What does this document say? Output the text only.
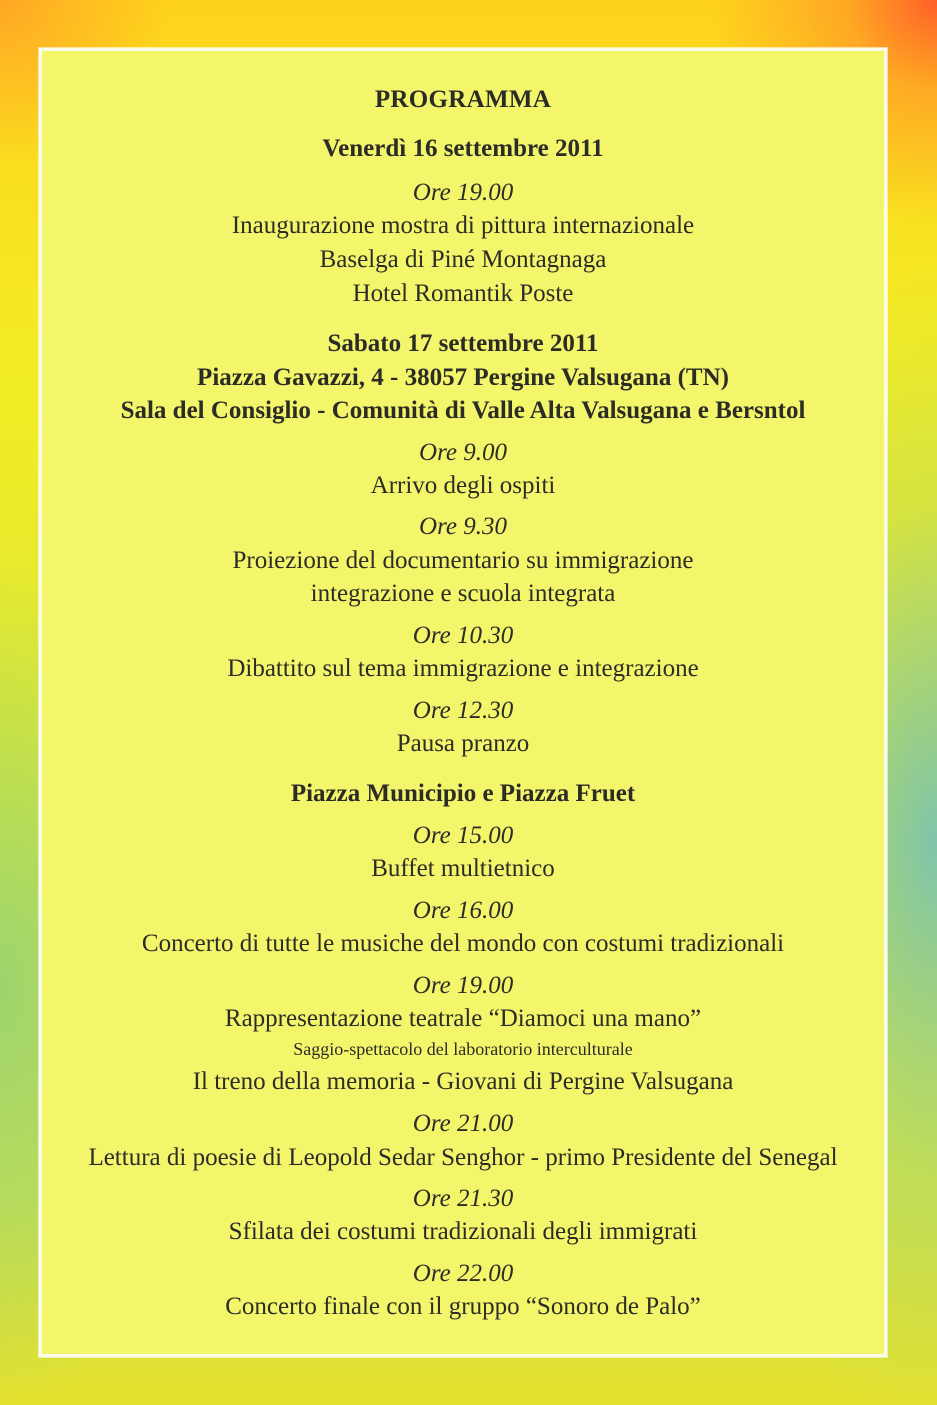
PROGRAMMA
Venerdì 16 settembre 2011
Ore 19.00
Inaugurazione mostra di pittura internazionale
Baselga di Piné Montagnaga
Hotel Romantik Poste
Sabato 17 settembre 2011
Piazza Gavazzi, 4 - 38057 Pergine Valsugana (TN)
Sala del Consiglio - Comunità di Valle Alta Valsugana e Bersntol
Ore 9.00
Arrivo degli ospiti
Ore 9.30
Proiezione del documentario su immigrazione
integrazione e scuola integrata
Ore 10.30
Dibattito sul tema immigrazione e integrazione
Ore 12.30
Pausa pranzo
Piazza Municipio e Piazza Fruet
Ore 15.00
Buffet multietnico
Ore 16.00
Concerto di tutte le musiche del mondo con costumi tradizionali
Ore 19.00
Rappresentazione teatrale “Diamoci una mano”
Saggio-spettacolo del laboratorio interculturale
Il treno della memoria - Giovani di Pergine Valsugana
Ore 21.00
Lettura di poesie di Leopold Sedar Senghor - primo Presidente del Senegal
Ore 21.30
Sfilata dei costumi tradizionali degli immigrati
Ore 22.00
Concerto finale con il gruppo “Sonoro de Palo”
